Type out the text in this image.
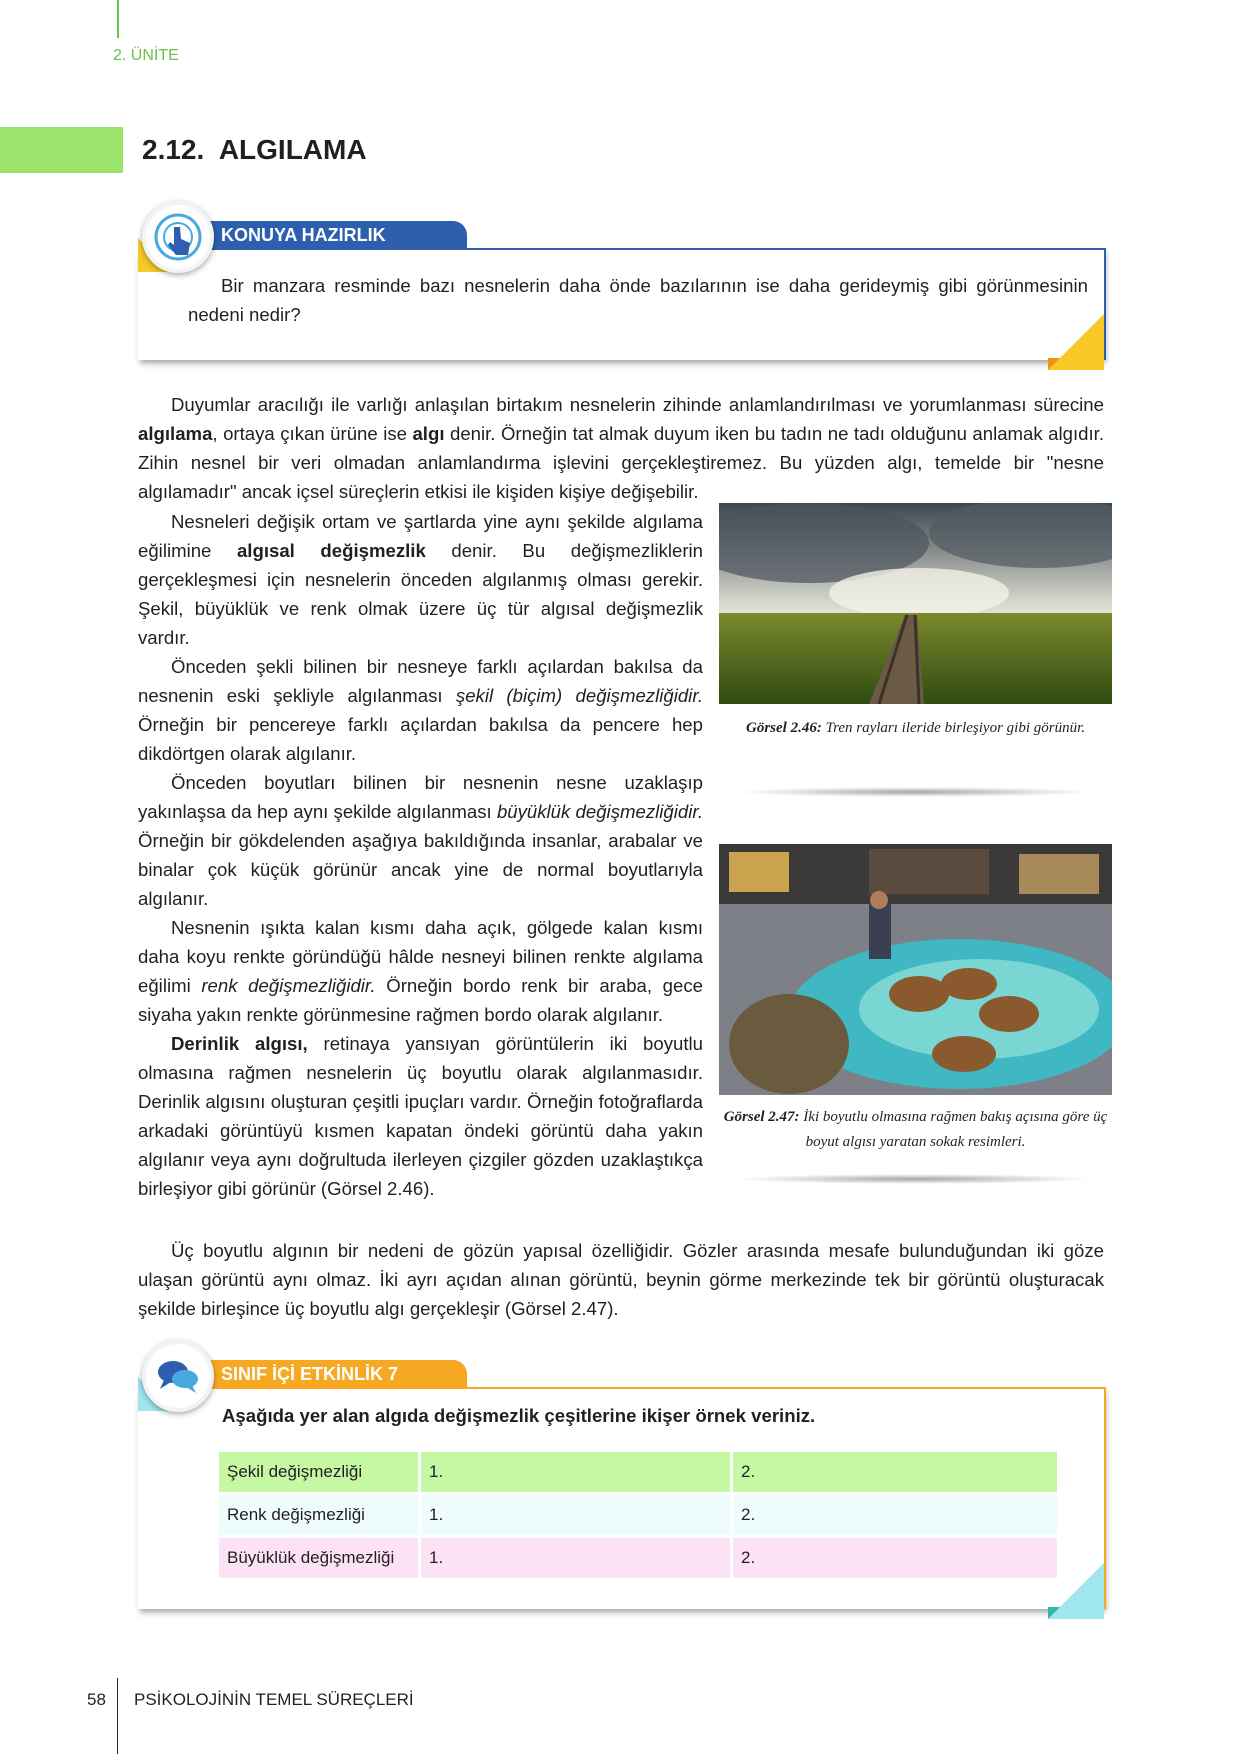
2. ÜNİTE
2.12. ALGILAMA

Bir manzara resminde bazı nesnelerin daha önde bazılarının ise daha gerideymiş gibi görünmesinin nedeni nedir?

KONUYA HAZIRLIK

Duyumlar aracılığı ile varlığı anlaşılan birtakım nesnelerin zihinde anlamlandırılması ve yorumlanması sürecine algılama, ortaya çıkan ürüne ise algı denir. Örneğin tat almak duyum iken bu tadın ne tadı olduğunu anlamak algıdır. Zihin nesnel bir veri olmadan anlamlandırma işlevini gerçekleştiremez. Bu yüzden algı, temelde bir "nesne algılamadır" ancak içsel süreçlerin etkisi ile kişiden kişiye değişebilir.

Nesneleri değişik ortam ve şartlarda yine aynı şekilde algılama eğilimine algısal değişmezlik denir. Bu değişmezliklerin gerçekleşmesi için nesnelerin önceden algılanmış olması gerekir. Şekil, büyüklük ve renk olmak üzere üç tür algısal değişmezlik vardır.

Önceden şekli bilinen bir nesneye farklı açılardan bakılsa da nesnenin eski şekliyle algılanması şekil (biçim) değişmezliğidir. Örneğin bir pencereye farklı açılardan bakılsa da pencere hep dikdörtgen olarak algılanır.

Önceden boyutları bilinen bir nesnenin nesne uzaklaşıp yakınlaşsa da hep aynı şekilde algılanması büyüklük değişmezliğidir. Örneğin bir gökdelenden aşağıya bakıldığında insanlar, arabalar ve binalar çok küçük görünür ancak yine de normal boyutlarıyla algılanır.

Nesnenin ışıkta kalan kısmı daha açık, gölgede kalan kısmı daha koyu renkte göründüğü hâlde nesneyi bilinen renkte algılama eğilimi renk değişmezliğidir. Örneğin bordo renk bir araba, gece siyaha yakın renkte görünmesine rağmen bordo olarak algılanır.

Derinlik algısı, retinaya yansıyan görüntülerin iki boyutlu olmasına rağmen nesnelerin üç boyutlu olarak algılanmasıdır. Derinlik algısını oluşturan çeşitli ipuçları vardır. Örneğin fotoğraflarda arkadaki görüntüyü kısmen kapatan öndeki görüntü daha yakın algılanır veya aynı doğrultuda ilerleyen çizgiler gözden uzaklaştıkça birleşiyor gibi görünür (Görsel 2.46).

Üç boyutlu algının bir nedeni de gözün yapısal özelliğidir. Gözler arasında mesafe bulunduğundan iki göze ulaşan görüntü aynı olmaz. İki ayrı açıdan alınan görüntü, beynin görme merkezinde tek bir görüntü oluşturacak şekilde birleşince üç boyutlu algı gerçekleşir (Görsel 2.47).

Görsel 2.46: Tren rayları ileride birleşiyor gibi görünür.
Görsel 2.47: İki boyutlu olmasına rağmen bakış açısına göre üç boyut algısı yaratan sokak resimleri.
Aşağıda yer alan algıda değişmezlik çeşitlerine ikişer örnek veriniz.
Şekil değişmezliği	1.	2.
Renk değişmezliği	1.	2.
Büyüklük değişmezliği	1.	2.
SINIF İÇİ ETKİNLİK 7
58 PSİKOLOJİNİN TEMEL SÜREÇLERİ
